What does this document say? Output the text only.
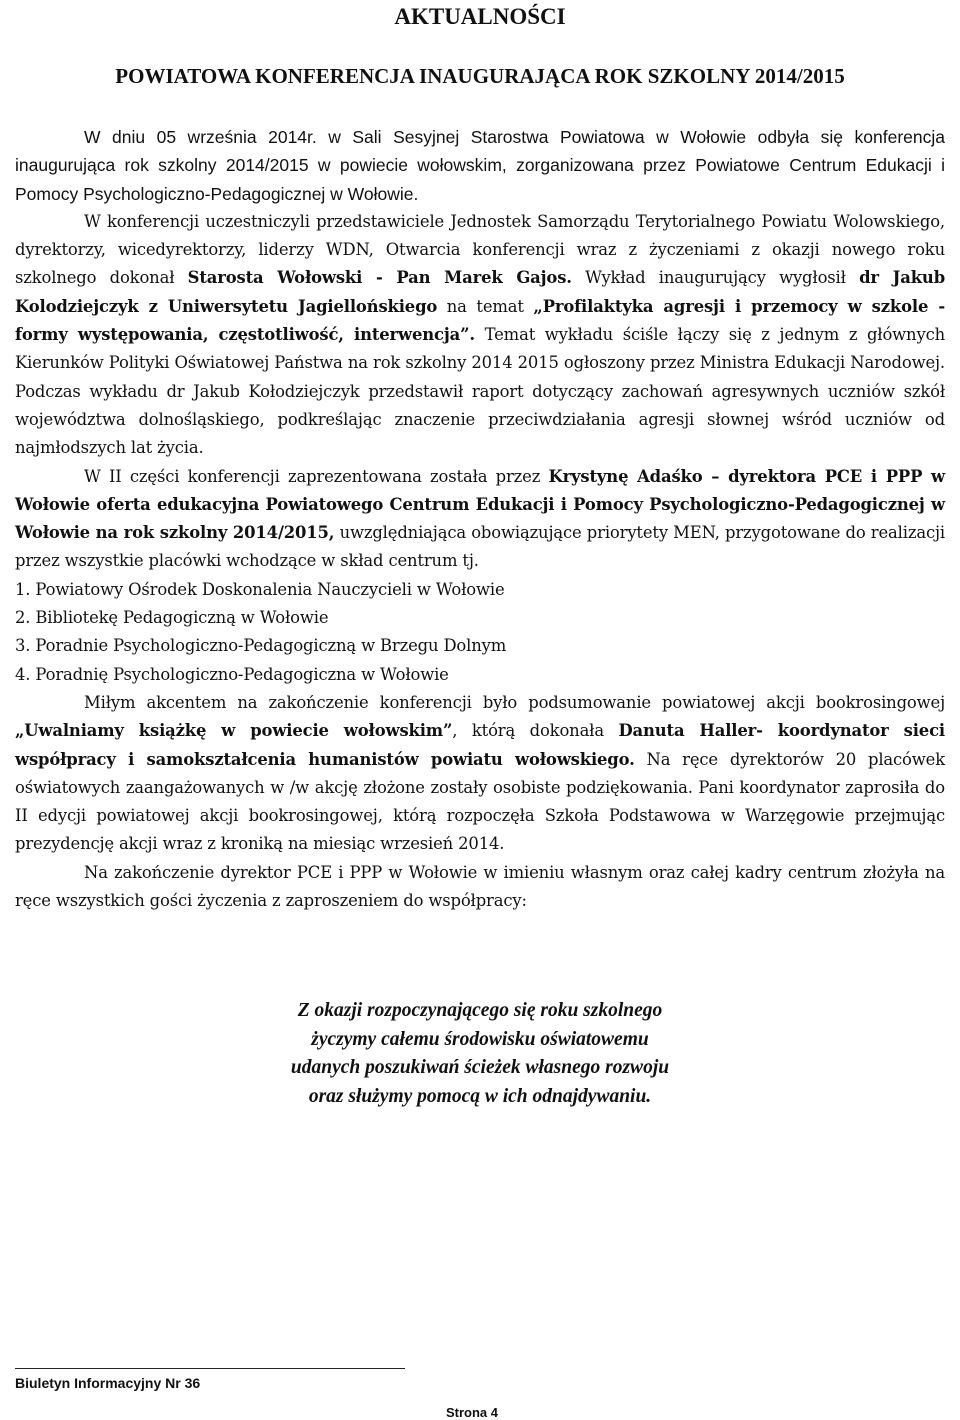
AKTUALNOŚCI
POWIATOWA KONFERENCJA INAUGURAJĄCA ROK SZKOLNY 2014/2015

W dniu 05 września 2014r. w Sali Sesyjnej Starostwa Powiatowa w Wołowie odbyła się konferencja inaugurująca rok szkolny 2014/2015 w powiecie wołowskim, zorganizowana przez Powiatowe Centrum Edukacji i Pomocy Psychologiczno-Pedagogicznej w Wołowie.

W konferencji uczestniczyli przedstawiciele Jednostek Samorządu Terytorialnego Powiatu Wolowskiego, dyrektorzy, wicedyrektorzy, liderzy WDN, Otwarcia konferencji wraz z życzeniami z okazji nowego roku szkolnego dokonał Starosta Wołowski - Pan Marek Gajos. Wykład inaugurujący wygłosił dr Jakub Kolodziejczyk z Uniwersytetu Jagiellońskiego na temat „Profilaktyka agresji i przemocy w szkole - formy występowania, częstotliwość, interwencja”. Temat wykładu ściśle łączy się z jednym z głównych Kierunków Polityki Oświatowej Państwa na rok szkolny 2014 2015 ogłoszony przez Ministra Edukacji Narodowej. Podczas wykładu dr Jakub Kołodziejczyk przedstawił raport dotyczący zachowań agresywnych uczniów szkół województwa dolnośląskiego, podkreślając znaczenie przeciwdziałania agresji słownej wśród uczniów od najmłodszych lat życia.

W II części konferencji zaprezentowana została przez Krystynę Adaśko – dyrektora PCE i PPP w Wołowie oferta edukacyjna Powiatowego Centrum Edukacji i Pomocy Psychologiczno-Pedagogicznej w Wołowie na rok szkolny 2014/2015, uwzględniająca obowiązujące priorytety MEN, przygotowane do realizacji przez wszystkie placówki wchodzące w skład centrum tj.

1. Powiatowy Ośrodek Doskonalenia Nauczycieli w Wołowie

2. Bibliotekę Pedagogiczną w Wołowie

3. Poradnie Psychologiczno-Pedagogiczną w Brzegu Dolnym

4. Poradnię Psychologiczno-Pedagogiczna w Wołowie

Miłym akcentem na zakończenie konferencji było podsumowanie powiatowej akcji bookrosingowej „Uwalniamy książkę w powiecie wołowskim”, którą dokonała Danuta Haller- koordynator sieci współpracy i samokształcenia humanistów powiatu wołowskiego. Na ręce dyrektorów 20 placówek oświatowych zaangażowanych w /w akcję złożone zostały osobiste podziękowania. Pani koordynator zaprosiła do II edycji powiatowej akcji bookrosingowej, którą rozpoczęła Szkoła Podstawowa w Warzęgowie przejmując prezydencję akcji wraz z kroniką na miesiąc wrzesień 2014.

Na zakończenie dyrektor PCE i PPP w Wołowie w imieniu własnym oraz całej kadry centrum złożyła na ręce wszystkich gości życzenia z zaproszeniem do współpracy:

Z okazji rozpoczynającego się roku szkolnego
życzymy całemu środowisku oświatowemu
udanych poszukiwań ścieżek własnego rozwoju
oraz służymy pomocą w ich odnajdywaniu.
Biuletyn Informacyjny Nr 36
Strona 4
